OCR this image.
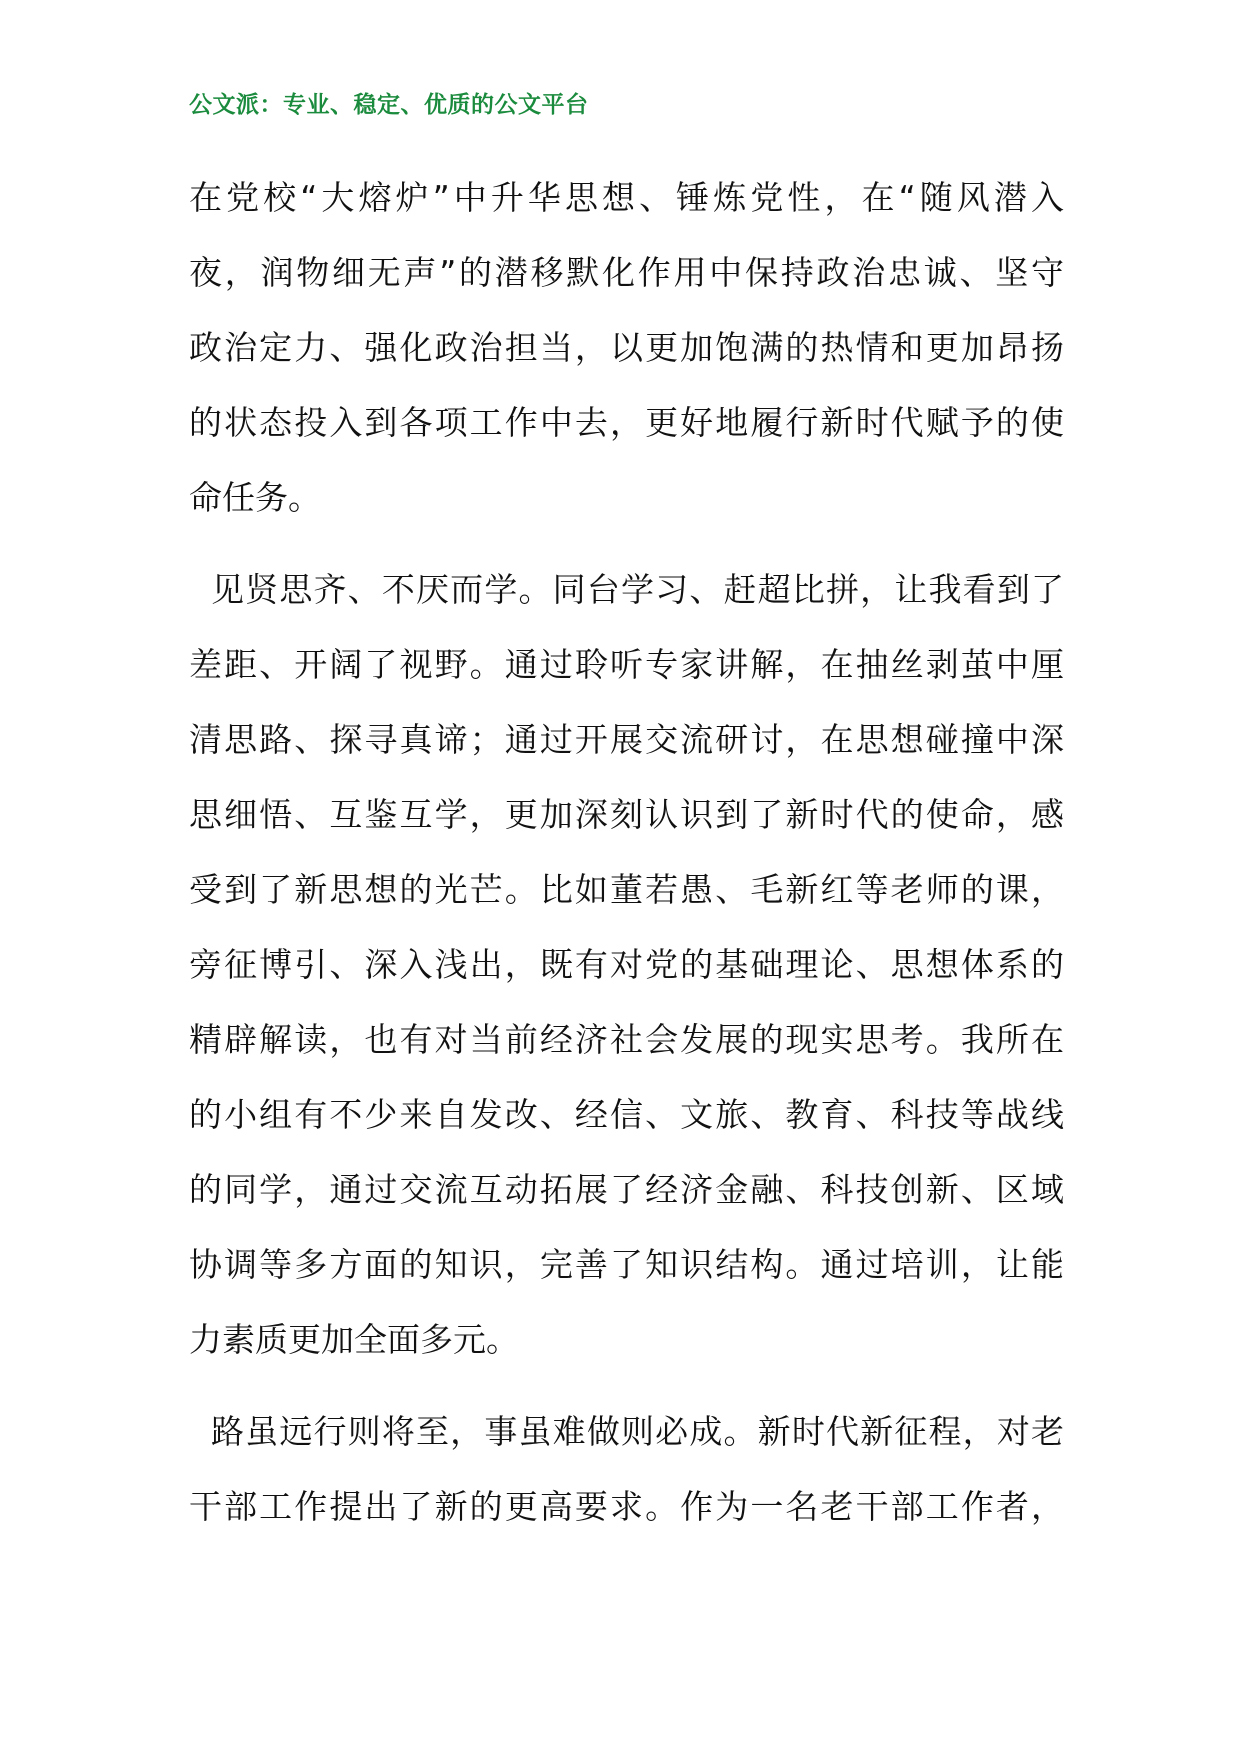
公文派：专业、稳定、优质的公文平台
在党校“大熔炉”中升华思想、锤炼党性，在“随风潜入
夜，润物细无声”的潜移默化作用中保持政治忠诚、坚守
政治定力、强化政治担当，以更加饱满的热情和更加昂扬
的状态投入到各项工作中去，更好地履行新时代赋予的使
命任务。
见贤思齐、不厌而学。同台学习、赶超比拼，让我看到了
差距、开阔了视野。通过聆听专家讲解，在抽丝剥茧中厘
清思路、探寻真谛；通过开展交流研讨，在思想碰撞中深
思细悟、互鉴互学，更加深刻认识到了新时代的使命，感
受到了新思想的光芒。比如董若愚、毛新红等老师的课，
旁征博引、深入浅出，既有对党的基础理论、思想体系的
精辟解读，也有对当前经济社会发展的现实思考。我所在
的小组有不少来自发改、经信、文旅、教育、科技等战线
的同学，通过交流互动拓展了经济金融、科技创新、区域
协调等多方面的知识，完善了知识结构。通过培训，让能
力素质更加全面多元。
路虽远行则将至，事虽难做则必成。新时代新征程，对老
干部工作提出了新的更高要求。作为一名老干部工作者，
